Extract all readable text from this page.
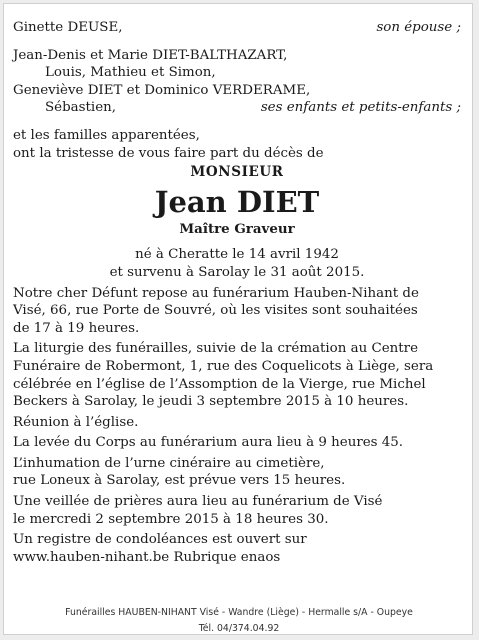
Ginette DEUSE,	son épouse ;
Jean-Denis et Marie DIET-BALTHAZART,
Louis, Mathieu et Simon,
Geneviève DIET et Dominico VERDERAME,
Sébastien,	ses enfants et petits-enfants ;
et les familles apparentées,
ont la tristesse de vous faire part du décès de
MONSIEUR
Jean DIET
Maître Graveur
né à Cheratte le 14 avril 1942
et survenu à Sarolay le 31 août 2015.
Notre cher Défunt repose au funérarium Hauben-Nihant de
Visé, 66, rue Porte de Souvré, où les visites sont souhaitées
de 17 à 19 heures.
La liturgie des funérailles, suivie de la crémation au Centre
Funéraire de Robermont, 1, rue des Coquelicots à Liège, sera
célébrée en l’église de l’Assomption de la Vierge, rue Michel
Beckers à Sarolay, le jeudi 3 septembre 2015 à 10 heures.
Réunion à l’église.
La levée du Corps au funérarium aura lieu à 9 heures 45.
L’inhumation de l’urne cinéraire au cimetière,
rue Loneux à Sarolay, est prévue vers 15 heures.
Une veillée de prières aura lieu au funérarium de Visé
le mercredi 2 septembre 2015 à 18 heures 30.
Un registre de condoléances est ouvert sur
www.hauben-nihant.be Rubrique enaos
Funérailles HAUBEN-NIHANT Visé - Wandre (Liège) - Hermalle s/A - Oupeye
Tél. 04/374.04.92
